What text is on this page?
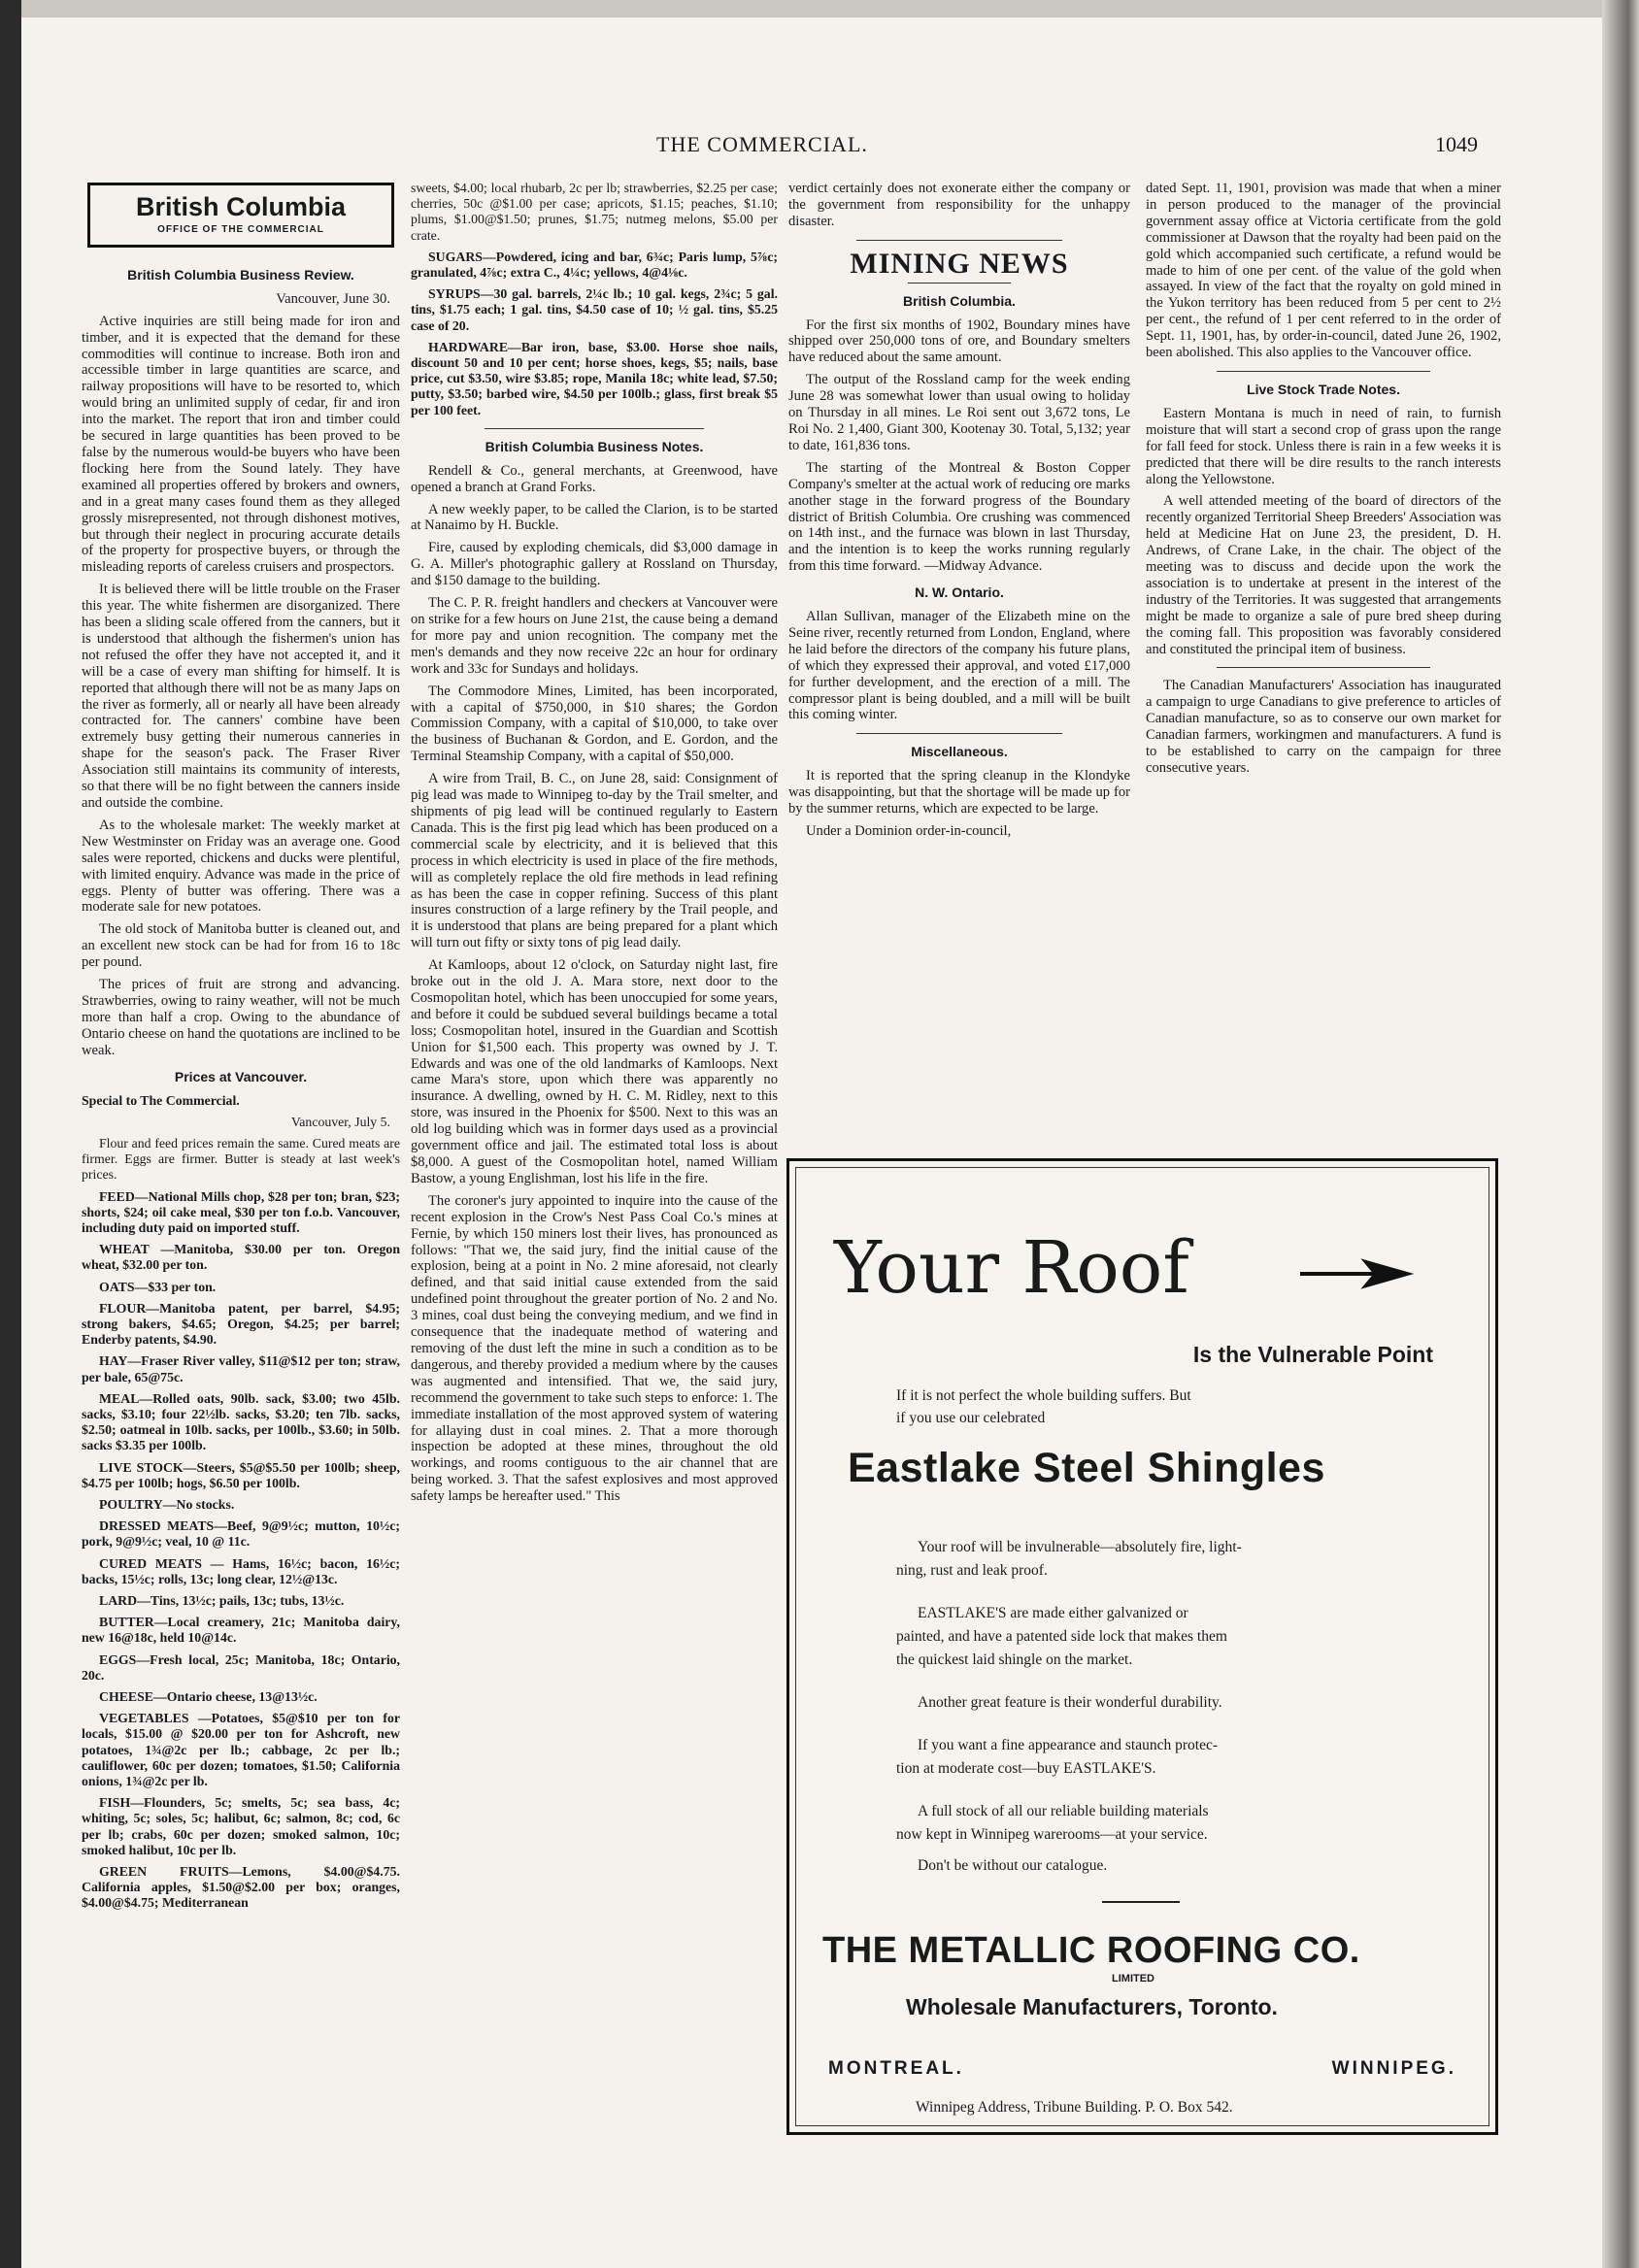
THE COMMERCIAL.	1049
British Columbia
OFFICE OF THE COMMERCIAL
British Columbia Business Review.

Vancouver, June 30.

Active inquiries are still being made for iron and timber, and it is expected that the demand for these commodities will continue to increase. Both iron and accessible timber in large quantities are scarce, and railway propositions will have to be resorted to, which would bring an unlimited supply of cedar, fir and iron into the market. The report that iron and timber could be secured in large quantities has been proved to be false by the numerous would-be buyers who have been flocking here from the Sound lately. They have examined all properties offered by brokers and owners, and in a great many cases found them as they alleged grossly misrepresented, not through dishonest motives, but through their neglect in procuring accurate details of the property for prospective buyers, or through the misleading reports of careless cruisers and prospectors.

It is believed there will be little trouble on the Fraser this year. The white fishermen are disorganized. There has been a sliding scale offered from the canners, but it is understood that although the fishermen's union has not refused the offer they have not accepted it, and it will be a case of every man shifting for himself. It is reported that although there will not be as many Japs on the river as formerly, all or nearly all have been already contracted for. The canners' combine have been extremely busy getting their numerous canneries in shape for the season's pack. The Fraser River Association still maintains its community of interests, so that there will be no fight between the canners inside and outside the combine.

As to the wholesale market: The weekly market at New Westminster on Friday was an average one. Good sales were reported, chickens and ducks were plentiful, with limited enquiry. Advance was made in the price of eggs. Plenty of butter was offering. There was a moderate sale for new potatoes.

The old stock of Manitoba butter is cleaned out, and an excellent new stock can be had for from 16 to 18c per pound.

The prices of fruit are strong and advancing. Strawberries, owing to rainy weather, will not be much more than half a crop. Owing to the abundance of Ontario cheese on hand the quotations are inclined to be weak.

Prices at Vancouver.

Special to The Commercial.

Vancouver, July 5.

Flour and feed prices remain the same. Cured meats are firmer. Eggs are firmer. Butter is steady at last week's prices.

FEED—National Mills chop, $28 per ton; bran, $23; shorts, $24; oil cake meal, $30 per ton f.o.b. Vancouver, including duty paid on imported stuff.

WHEAT —Manitoba, $30.00 per ton. Oregon wheat, $32.00 per ton.

OATS—$33 per ton.

FLOUR—Manitoba patent, per barrel, $4.95; strong bakers, $4.65; Oregon, $4.25; per barrel; Enderby patents, $4.90.

HAY—Fraser River valley, $11@$12 per ton; straw, per bale, 65@75c.

MEAL—Rolled oats, 90lb. sack, $3.00; two 45lb. sacks, $3.10; four 22½lb. sacks, $3.20; ten 7lb. sacks, $2.50; oatmeal in 10lb. sacks, per 100lb., $3.60; in 50lb. sacks $3.35 per 100lb.

LIVE STOCK—Steers, $5@$5.50 per 100lb; sheep, $4.75 per 100lb; hogs, $6.50 per 100lb.

POULTRY—No stocks.

DRESSED MEATS—Beef, 9@9½c; mutton, 10½c; pork, 9@9½c; veal, 10 @ 11c.

CURED MEATS — Hams, 16½c; bacon, 16½c; backs, 15½c; rolls, 13c; long clear, 12½@13c.

LARD—Tins, 13½c; pails, 13c; tubs, 13½c.

BUTTER—Local creamery, 21c; Manitoba dairy, new 16@18c, held 10@14c.

EGGS—Fresh local, 25c; Manitoba, 18c; Ontario, 20c.

CHEESE—Ontario cheese, 13@13½c.

VEGETABLES —Potatoes, $5@$10 per ton for locals, $15.00 @ $20.00 per ton for Ashcroft, new potatoes, 1¾@2c per lb.; cabbage, 2c per lb.; cauliflower, 60c per dozen; tomatoes, $1.50; California onions, 1¾@2c per lb.

FISH—Flounders, 5c; smelts, 5c; sea bass, 4c; whiting, 5c; soles, 5c; halibut, 6c; salmon, 8c; cod, 6c per lb; crabs, 60c per dozen; smoked salmon, 10c; smoked halibut, 10c per lb.

GREEN FRUITS—Lemons, $4.00@$4.75. California apples, $1.50@$2.00 per box; oranges, $4.00@$4.75; Mediterranean

sweets, $4.00; local rhubarb, 2c per lb; strawberries, $2.25 per case; cherries, 50c @$1.00 per case; apricots, $1.15; peaches, $1.10; plums, $1.00@$1.50; prunes, $1.75; nutmeg melons, $5.00 per crate.

SUGARS—Powdered, icing and bar, 6¾c; Paris lump, 5⅞c; granulated, 4⅞c; extra C., 4¼c; yellows, 4@4⅛c.

SYRUPS—30 gal. barrels, 2¼c lb.; 10 gal. kegs, 2¾c; 5 gal. tins, $1.75 each; 1 gal. tins, $4.50 case of 10; ½ gal. tins, $5.25 case of 20.

HARDWARE—Bar iron, base, $3.00. Horse shoe nails, discount 50 and 10 per cent; horse shoes, kegs, $5; nails, base price, cut $3.50, wire $3.85; rope, Manila 18c; white lead, $7.50; putty, $3.50; barbed wire, $4.50 per 100lb.; glass, first break $5 per 100 feet.

British Columbia Business Notes.

Rendell & Co., general merchants, at Greenwood, have opened a branch at Grand Forks.

A new weekly paper, to be called the Clarion, is to be started at Nanaimo by H. Buckle.

Fire, caused by exploding chemicals, did $3,000 damage in G. A. Miller's photographic gallery at Rossland on Thursday, and $150 damage to the building.

The C. P. R. freight handlers and checkers at Vancouver were on strike for a few hours on June 21st, the cause being a demand for more pay and union recognition. The company met the men's demands and they now receive 22c an hour for ordinary work and 33c for Sundays and holidays.

The Commodore Mines, Limited, has been incorporated, with a capital of $750,000, in $10 shares; the Gordon Commission Company, with a capital of $10,000, to take over the business of Buchanan & Gordon, and E. Gordon, and the Terminal Steamship Company, with a capital of $50,000.

A wire from Trail, B. C., on June 28, said: Consignment of pig lead was made to Winnipeg to-day by the Trail smelter, and shipments of pig lead will be continued regularly to Eastern Canada. This is the first pig lead which has been produced on a commercial scale by electricity, and it is believed that this process in which electricity is used in place of the fire methods, will as completely replace the old fire methods in lead refining as has been the case in copper refining. Success of this plant insures construction of a large refinery by the Trail people, and it is understood that plans are being prepared for a plant which will turn out fifty or sixty tons of pig lead daily.

At Kamloops, about 12 o'clock, on Saturday night last, fire broke out in the old J. A. Mara store, next door to the Cosmopolitan hotel, which has been unoccupied for some years, and before it could be subdued several buildings became a total loss; Cosmopolitan hotel, insured in the Guardian and Scottish Union for $1,500 each. This property was owned by J. T. Edwards and was one of the old landmarks of Kamloops. Next came Mara's store, upon which there was apparently no insurance. A dwelling, owned by H. C. M. Ridley, next to this store, was insured in the Phoenix for $500. Next to this was an old log building which was in former days used as a provincial government office and jail. The estimated total loss is about $8,000. A guest of the Cosmopolitan hotel, named William Bastow, a young Englishman, lost his life in the fire.

The coroner's jury appointed to inquire into the cause of the recent explosion in the Crow's Nest Pass Coal Co.'s mines at Fernie, by which 150 miners lost their lives, has pronounced as follows: "That we, the said jury, find the initial cause of the explosion, being at a point in No. 2 mine aforesaid, not clearly defined, and that said initial cause extended from the said undefined point throughout the greater portion of No. 2 and No. 3 mines, coal dust being the conveying medium, and we find in consequence that the inadequate method of watering and removing of the dust left the mine in such a condition as to be dangerous, and thereby provided a medium where by the causes was augmented and intensified. That we, the said jury, recommend the government to take such steps to enforce: 1. The immediate installation of the most approved system of watering for allaying dust in coal mines. 2. That a more thorough inspection be adopted at these mines, throughout the old workings, and rooms contiguous to the air channel that are being worked. 3. That the safest explosives and most approved safety lamps be hereafter used." This

verdict certainly does not exonerate either the company or the government from responsibility for the unhappy disaster.

MINING NEWS
British Columbia.

For the first six months of 1902, Boundary mines have shipped over 250,000 tons of ore, and Boundary smelters have reduced about the same amount.

The output of the Rossland camp for the week ending June 28 was somewhat lower than usual owing to holiday on Thursday in all mines. Le Roi sent out 3,672 tons, Le Roi No. 2 1,400, Giant 300, Kootenay 30. Total, 5,132; year to date, 161,836 tons.

The starting of the Montreal & Boston Copper Company's smelter at the actual work of reducing ore marks another stage in the forward progress of the Boundary district of British Columbia. Ore crushing was commenced on 14th inst., and the furnace was blown in last Thursday, and the intention is to keep the works running regularly from this time forward. —Midway Advance.

N. W. Ontario.

Allan Sullivan, manager of the Elizabeth mine on the Seine river, recently returned from London, England, where he laid before the directors of the company his future plans, of which they expressed their approval, and voted £17,000 for further development, and the erection of a mill. The compressor plant is being doubled, and a mill will be built this coming winter.

Miscellaneous.

It is reported that the spring cleanup in the Klondyke was disappointing, but that the shortage will be made up for by the summer returns, which are expected to be large.

Under a Dominion order-in-council,

dated Sept. 11, 1901, provision was made that when a miner in person produced to the manager of the provincial government assay office at Victoria certificate from the gold commissioner at Dawson that the royalty had been paid on the gold which accompanied such certificate, a refund would be made to him of one per cent. of the value of the gold when assayed. In view of the fact that the royalty on gold mined in the Yukon territory has been reduced from 5 per cent to 2½ per cent., the refund of 1 per cent referred to in the order of Sept. 11, 1901, has, by order-in-council, dated June 26, 1902, been abolished. This also applies to the Vancouver office.

Live Stock Trade Notes.

Eastern Montana is much in need of rain, to furnish moisture that will start a second crop of grass upon the range for fall feed for stock. Unless there is rain in a few weeks it is predicted that there will be dire results to the ranch interests along the Yellowstone.

A well attended meeting of the board of directors of the recently organized Territorial Sheep Breeders' Association was held at Medicine Hat on June 23, the president, D. H. Andrews, of Crane Lake, in the chair. The object of the meeting was to discuss and decide upon the work the association is to undertake at present in the interest of the industry of the Territories. It was suggested that arrangements might be made to organize a sale of pure bred sheep during the coming fall. This proposition was favorably considered and constituted the principal item of business.

The Canadian Manufacturers' Association has inaugurated a campaign to urge Canadians to give preference to articles of Canadian manufacture, so as to conserve our own market for Canadian farmers, workingmen and manufacturers. A fund is to be established to carry on the campaign for three consecutive years.

Your Roof
Is the Vulnerable Point
If it is not perfect the whole building suffers. But
if you use our celebrated
Eastlake Steel Shingles
Your roof will be invulnerable—absolutely fire, light-
ning, rust and leak proof.
EASTLAKE'S are made either galvanized or
painted, and have a patented side lock that makes them
the quickest laid shingle on the market.
Another great feature is their wonderful durability.
If you want a fine appearance and staunch protec-
tion at moderate cost—buy EASTLAKE'S.
A full stock of all our reliable building materials
now kept in Winnipeg warerooms—at your service.
Don't be without our catalogue.
THE METALLIC ROOFING CO.
LIMITED
Wholesale Manufacturers, Toronto.
MONTREAL.	WINNIPEG.
Winnipeg Address, Tribune Building. P. O. Box 542.
